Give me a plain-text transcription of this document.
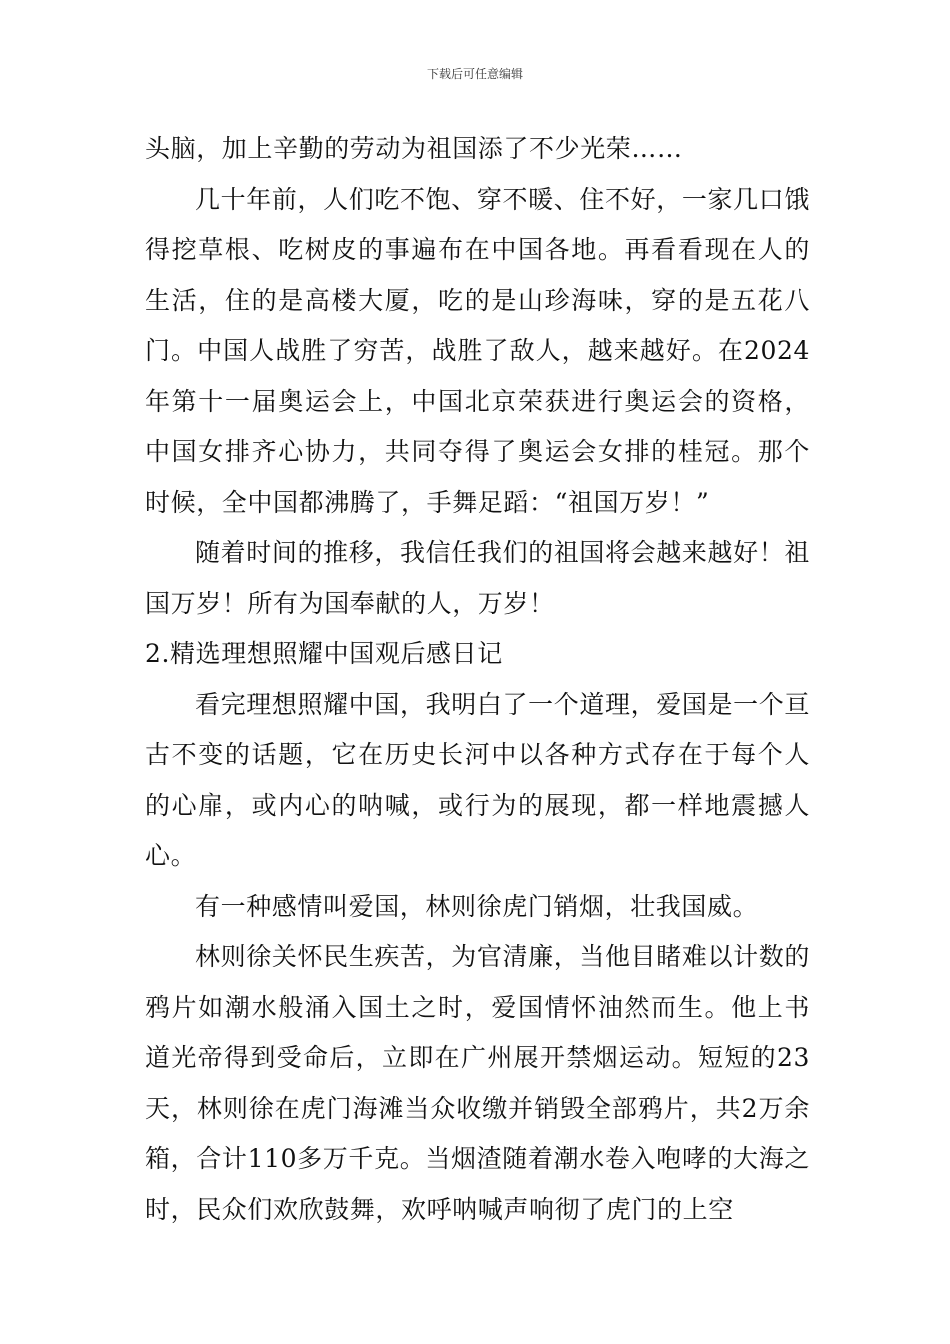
下载后可任意编辑

头脑，加上辛勤的劳动为祖国添了不少光荣……

几十年前，人们吃不饱、穿不暖、住不好，一家几口饿得挖草根、吃树皮的事遍布在中国各地。再看看现在人的生活，住的是高楼大厦，吃的是山珍海味，穿的是五花八门。中国人战胜了穷苦，战胜了敌人，越来越好。在2024年第十一届奥运会上，中国北京荣获进行奥运会的资格，中国女排齐心协力，共同夺得了奥运会女排的桂冠。那个时候，全中国都沸腾了，手舞足蹈：“祖国万岁！”

随着时间的推移，我信任我们的祖国将会越来越好！祖国万岁！所有为国奉献的人，万岁！

2.精选理想照耀中国观后感日记

看完理想照耀中国，我明白了一个道理，爱国是一个亘古不变的话题，它在历史长河中以各种方式存在于每个人的心扉，或内心的呐喊，或行为的展现，都一样地震撼人心。

有一种感情叫爱国，林则徐虎门销烟，壮我国威。

林则徐关怀民生疾苦，为官清廉，当他目睹难以计数的鸦片如潮水般涌入国土之时，爱国情怀油然而生。他上书道光帝得到受命后，立即在广州展开禁烟运动。短短的23天，林则徐在虎门海滩当众收缴并销毁全部鸦片，共2万余箱，合计110多万千克。当烟渣随着潮水卷入咆哮的大海之时，民众们欢欣鼓舞，欢呼呐喊声响彻了虎门的上空
